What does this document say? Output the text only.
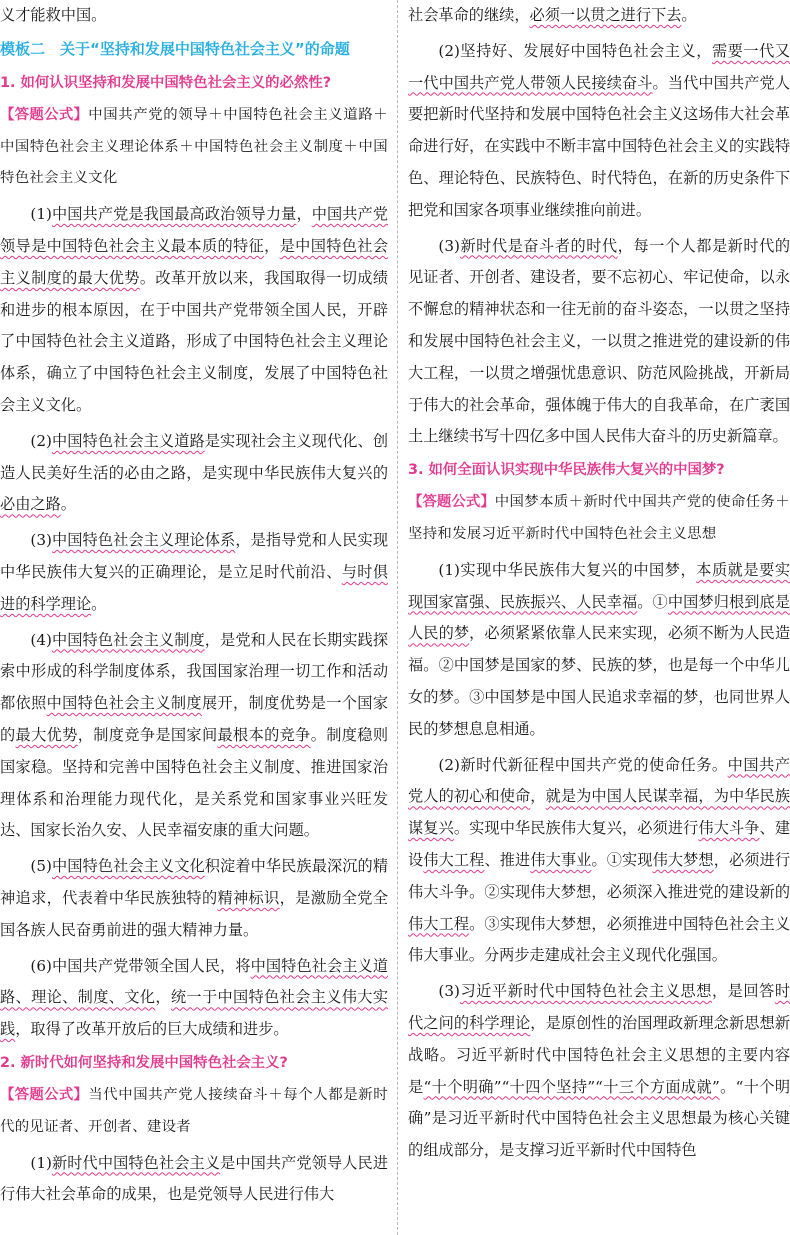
义才能救中国。

模板二　关于“坚持和发展中国特色社会主义”的命题

1. 如何认识坚持和发展中国特色社会主义的必然性?

【答题公式】中国共产党的领导＋中国特色社会主义道路＋中国特色社会主义理论体系＋中国特色社会主义制度＋中国特色社会主义文化

(1)中国共产党是我国最高政治领导力量，中国共产党领导是中国特色社会主义最本质的特征，是中国特色社会主义制度的最大优势。改革开放以来，我国取得一切成绩和进步的根本原因，在于中国共产党带领全国人民，开辟了中国特色社会主义道路，形成了中国特色社会主义理论体系，确立了中国特色社会主义制度，发展了中国特色社会主义文化。

(2)中国特色社会主义道路是实现社会主义现代化、创造人民美好生活的必由之路，是实现中华民族伟大复兴的必由之路。

(3)中国特色社会主义理论体系，是指导党和人民实现中华民族伟大复兴的正确理论，是立足时代前沿、与时俱进的科学理论。

(4)中国特色社会主义制度，是党和人民在长期实践探索中形成的科学制度体系，我国国家治理一切工作和活动都依照中国特色社会主义制度展开，制度优势是一个国家的最大优势，制度竞争是国家间最根本的竞争。制度稳则国家稳。坚持和完善中国特色社会主义制度、推进国家治理体系和治理能力现代化，是关系党和国家事业兴旺发达、国家长治久安、人民幸福安康的重大问题。

(5)中国特色社会主义文化积淀着中华民族最深沉的精神追求，代表着中华民族独特的精神标识，是激励全党全国各族人民奋勇前进的强大精神力量。

(6)中国共产党带领全国人民，将中国特色社会主义道路、理论、制度、文化，统一于中国特色社会主义伟大实践，取得了改革开放后的巨大成绩和进步。

2. 新时代如何坚持和发展中国特色社会主义?

【答题公式】当代中国共产党人接续奋斗＋每个人都是新时代的见证者、开创者、建设者

(1)新时代中国特色社会主义是中国共产党领导人民进行伟大社会革命的成果，也是党领导人民进行伟大

社会革命的继续，必须一以贯之进行下去。

(2)坚持好、发展好中国特色社会主义，需要一代又一代中国共产党人带领人民接续奋斗。当代中国共产党人要把新时代坚持和发展中国特色社会主义这场伟大社会革命进行好，在实践中不断丰富中国特色社会主义的实践特色、理论特色、民族特色、时代特色，在新的历史条件下把党和国家各项事业继续推向前进。

(3)新时代是奋斗者的时代，每一个人都是新时代的见证者、开创者、建设者，要不忘初心、牢记使命，以永不懈怠的精神状态和一往无前的奋斗姿态，一以贯之坚持和发展中国特色社会主义，一以贯之推进党的建设新的伟大工程，一以贯之增强忧患意识、防范风险挑战，开新局于伟大的社会革命，强体魄于伟大的自我革命，在广袤国土上继续书写十四亿多中国人民伟大奋斗的历史新篇章。

3. 如何全面认识实现中华民族伟大复兴的中国梦?

【答题公式】中国梦本质＋新时代中国共产党的使命任务＋坚持和发展习近平新时代中国特色社会主义思想

(1)实现中华民族伟大复兴的中国梦，本质就是要实现国家富强、民族振兴、人民幸福。①中国梦归根到底是人民的梦，必须紧紧依靠人民来实现，必须不断为人民造福。②中国梦是国家的梦、民族的梦，也是每一个中华儿女的梦。③中国梦是中国人民追求幸福的梦，也同世界人民的梦想息息相通。

(2)新时代新征程中国共产党的使命任务。中国共产党人的初心和使命，就是为中国人民谋幸福，为中华民族谋复兴。实现中华民族伟大复兴，必须进行伟大斗争、建设伟大工程、推进伟大事业。①实现伟大梦想，必须进行伟大斗争。②实现伟大梦想，必须深入推进党的建设新的伟大工程。③实现伟大梦想，必须推进中国特色社会主义伟大事业。分两步走建成社会主义现代化强国。

(3)习近平新时代中国特色社会主义思想，是回答时代之问的科学理论，是原创性的治国理政新理念新思想新战略。习近平新时代中国特色社会主义思想的主要内容是“十个明确”“十四个坚持”“十三个方面成就”。“十个明确”是习近平新时代中国特色社会主义思想最为核心关键的组成部分，是支撑习近平新时代中国特色
